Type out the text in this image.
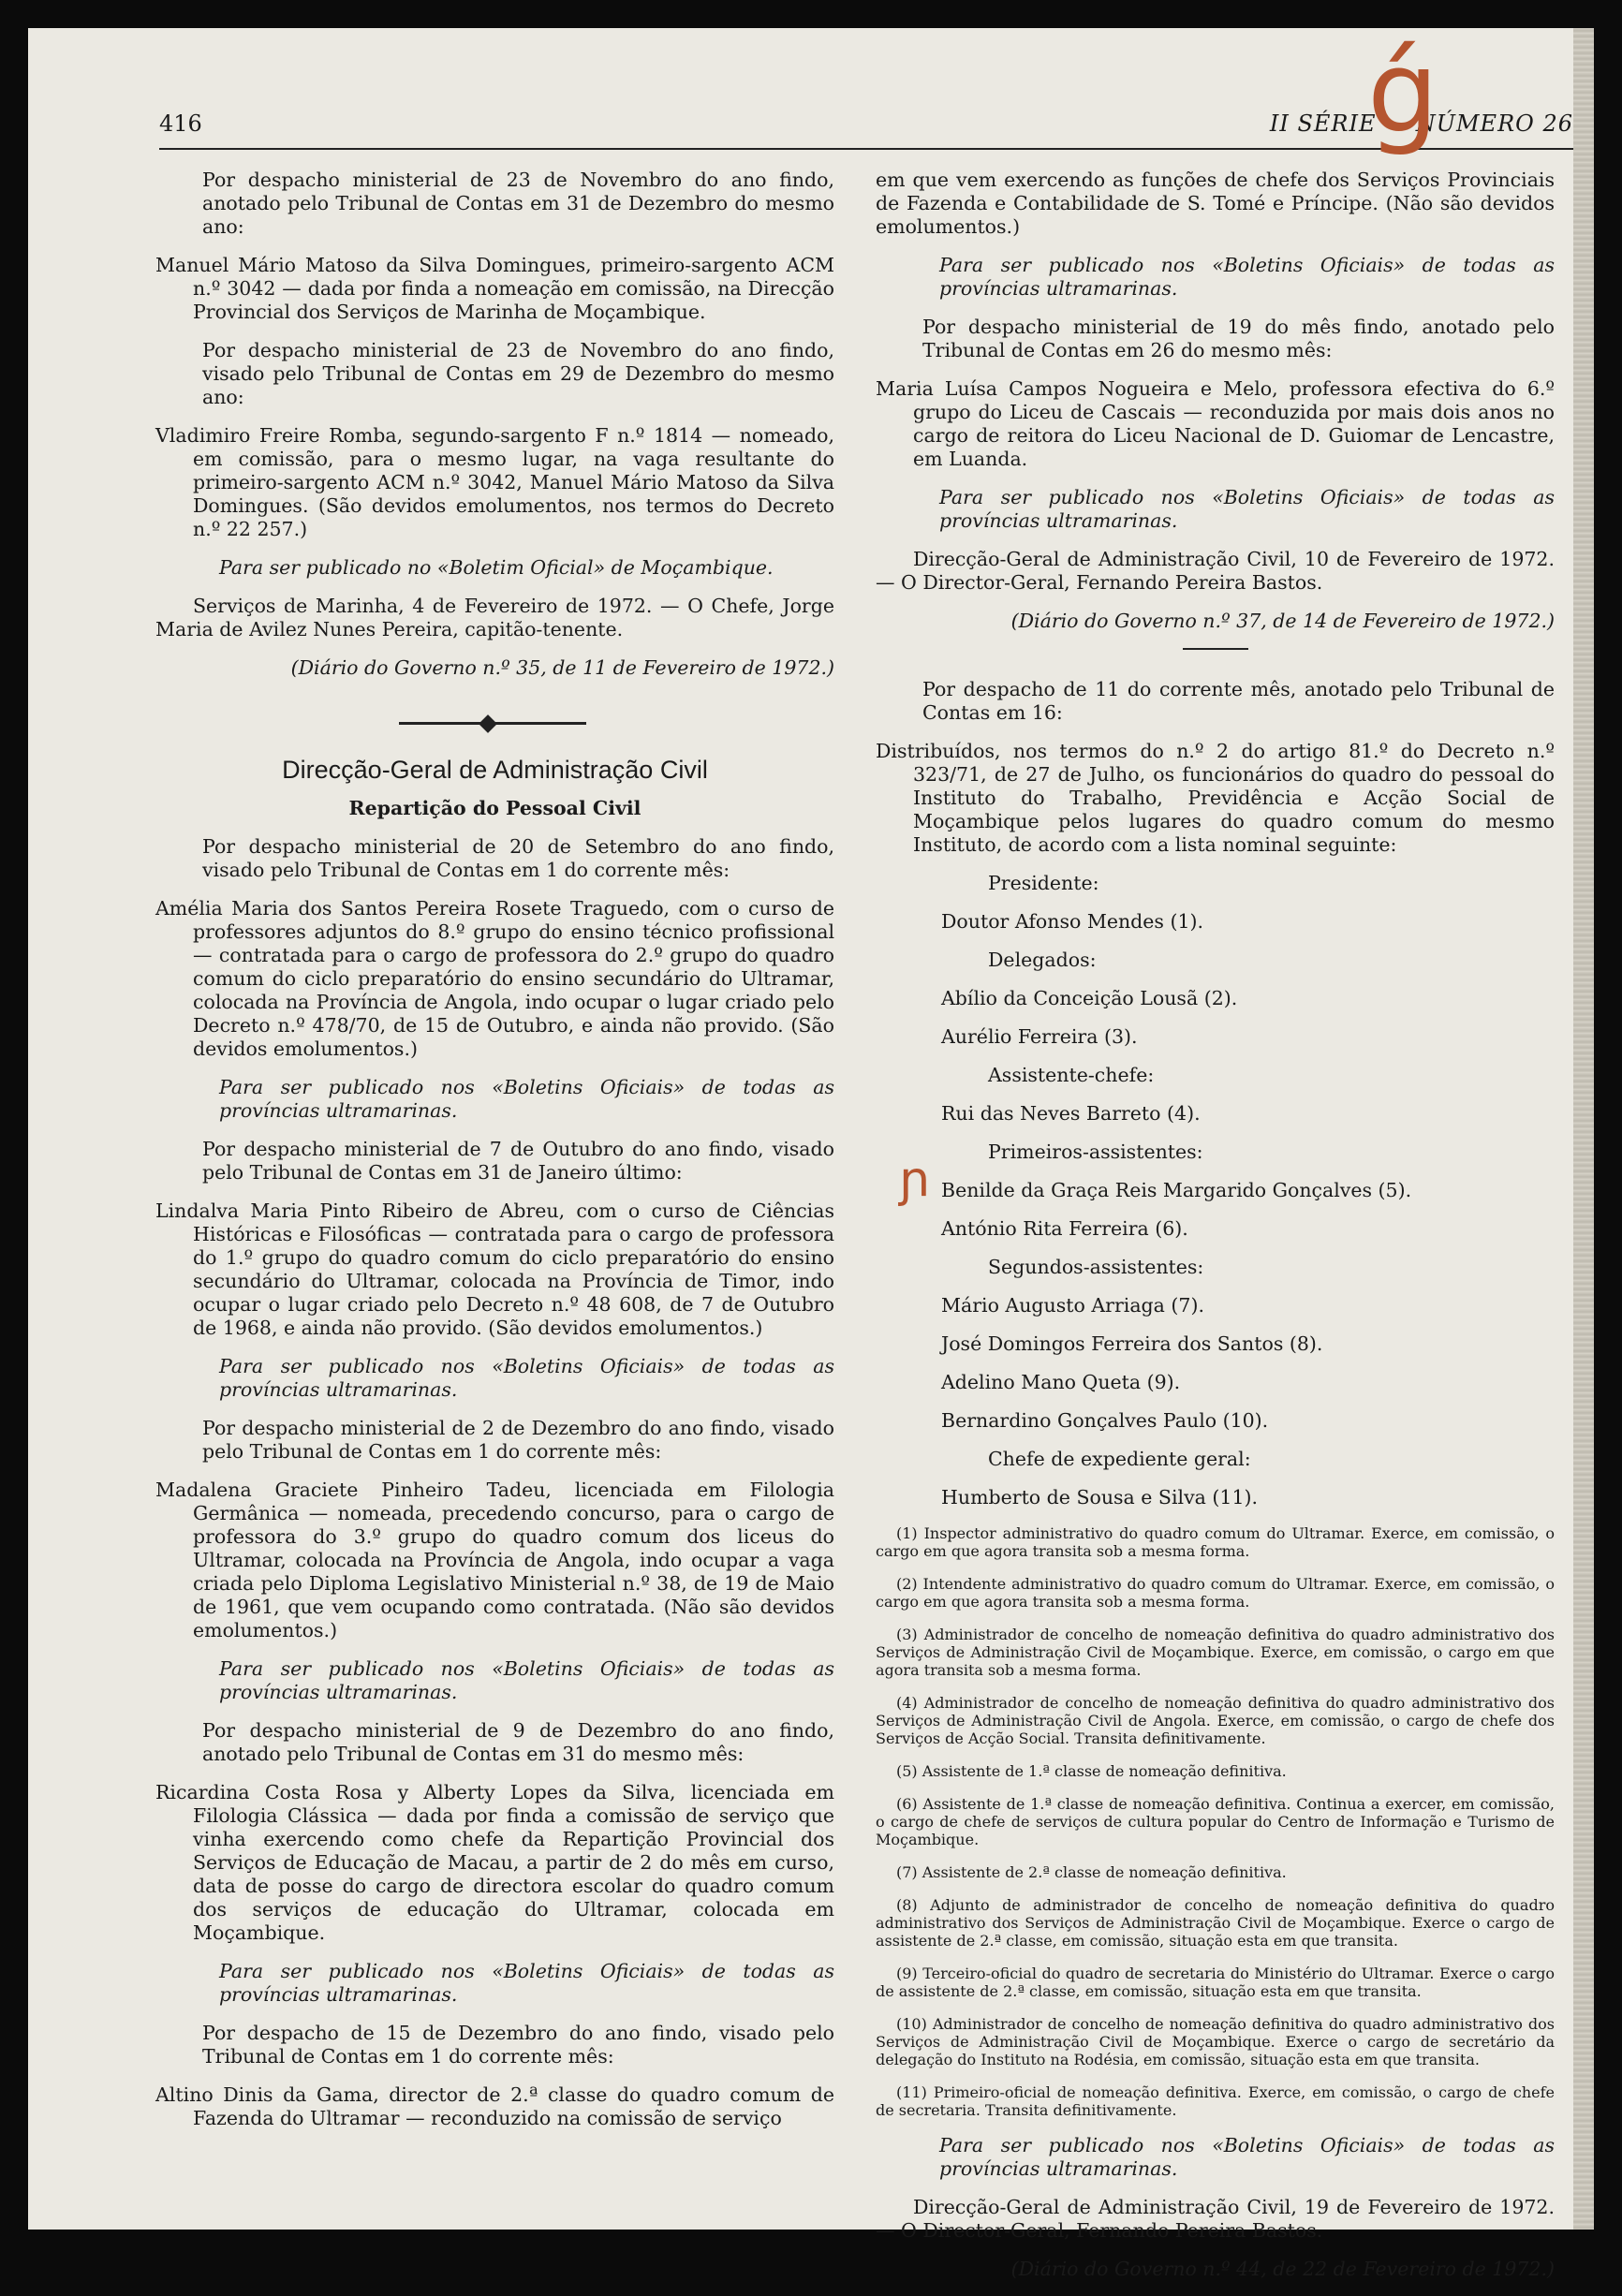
416	II SÉRIE — NÚMERO 26
ǵ
ɲ

Por despacho ministerial de 23 de Novembro do ano findo, anotado pelo Tribunal de Contas em 31 de Dezembro do mesmo ano:

Manuel Mário Matoso da Silva Domingues, primeiro-sargento ACM n.º 3042 — dada por finda a nomeação em comissão, na Direcção Provincial dos Serviços de Marinha de Moçambique.

Por despacho ministerial de 23 de Novembro do ano findo, visado pelo Tribunal de Contas em 29 de Dezembro do mesmo ano:

Vladimiro Freire Romba, segundo-sargento F n.º 1814 — nomeado, em comissão, para o mesmo lugar, na vaga resultante do primeiro-sargento ACM n.º 3042, Manuel Mário Matoso da Silva Domingues. (São devidos emolumentos, nos termos do Decreto n.º 22 257.)

Para ser publicado no «Boletim Oficial» de Moçambique.

Serviços de Marinha, 4 de Fevereiro de 1972. — O Chefe, Jorge Maria de Avilez Nunes Pereira, capitão-tenente.

(Diário do Governo n.º 35, de 11 de Fevereiro de 1972.)

Direcção-Geral de Administração Civil

Repartição do Pessoal Civil

Por despacho ministerial de 20 de Setembro do ano findo, visado pelo Tribunal de Contas em 1 do corrente mês:

Amélia Maria dos Santos Pereira Rosete Traguedo, com o curso de professores adjuntos do 8.º grupo do ensino técnico profissional — contratada para o cargo de professora do 2.º grupo do quadro comum do ciclo preparatório do ensino secundário do Ultramar, colocada na Província de Angola, indo ocupar o lugar criado pelo Decreto n.º 478/70, de 15 de Outubro, e ainda não provido. (São devidos emolumentos.)

Para ser publicado nos «Boletins Oficiais» de todas as províncias ultramarinas.

Por despacho ministerial de 7 de Outubro do ano findo, visado pelo Tribunal de Contas em 31 de Janeiro último:

Lindalva Maria Pinto Ribeiro de Abreu, com o curso de Ciências Históricas e Filosóficas — contratada para o cargo de professora do 1.º grupo do quadro comum do ciclo preparatório do ensino secundário do Ultramar, colocada na Província de Timor, indo ocupar o lugar criado pelo Decreto n.º 48 608, de 7 de Outubro de 1968, e ainda não provido. (São devidos emolumentos.)

Para ser publicado nos «Boletins Oficiais» de todas as províncias ultramarinas.

Por despacho ministerial de 2 de Dezembro do ano findo, visado pelo Tribunal de Contas em 1 do corrente mês:

Madalena Graciete Pinheiro Tadeu, licenciada em Filologia Germânica — nomeada, precedendo concurso, para o cargo de professora do 3.º grupo do quadro comum dos liceus do Ultramar, colocada na Província de Angola, indo ocupar a vaga criada pelo Diploma Legislativo Ministerial n.º 38, de 19 de Maio de 1961, que vem ocupando como contratada. (Não são devidos emolumentos.)

Para ser publicado nos «Boletins Oficiais» de todas as províncias ultramarinas.

Por despacho ministerial de 9 de Dezembro do ano findo, anotado pelo Tribunal de Contas em 31 do mesmo mês:

Ricardina Costa Rosa y Alberty Lopes da Silva, licenciada em Filologia Clássica — dada por finda a comissão de serviço que vinha exercendo como chefe da Repartição Provincial dos Serviços de Educação de Macau, a partir de 2 do mês em curso, data de posse do cargo de directora escolar do quadro comum dos serviços de educação do Ultramar, colocada em Moçambique.

Para ser publicado nos «Boletins Oficiais» de todas as províncias ultramarinas.

Por despacho de 15 de Dezembro do ano findo, visado pelo Tribunal de Contas em 1 do corrente mês:

Altino Dinis da Gama, director de 2.ª classe do quadro comum de Fazenda do Ultramar — reconduzido na comissão de serviço

em que vem exercendo as funções de chefe dos Serviços Provinciais de Fazenda e Contabilidade de S. Tomé e Príncipe. (Não são devidos emolumentos.)

Para ser publicado nos «Boletins Oficiais» de todas as províncias ultramarinas.

Por despacho ministerial de 19 do mês findo, anotado pelo Tribunal de Contas em 26 do mesmo mês:

Maria Luísa Campos Nogueira e Melo, professora efectiva do 6.º grupo do Liceu de Cascais — reconduzida por mais dois anos no cargo de reitora do Liceu Nacional de D. Guiomar de Lencastre, em Luanda.

Para ser publicado nos «Boletins Oficiais» de todas as províncias ultramarinas.

Direcção-Geral de Administração Civil, 10 de Fevereiro de 1972. — O Director-Geral, Fernando Pereira Bastos.

(Diário do Governo n.º 37, de 14 de Fevereiro de 1972.)

Por despacho de 11 do corrente mês, anotado pelo Tribunal de Contas em 16:

Distribuídos, nos termos do n.º 2 do artigo 81.º do Decreto n.º 323/71, de 27 de Julho, os funcionários do quadro do pessoal do Instituto do Trabalho, Previdência e Acção Social de Moçambique pelos lugares do quadro comum do mesmo Instituto, de acordo com a lista nominal seguinte:

Presidente:

Doutor Afonso Mendes (1).

Delegados:

Abílio da Conceição Lousã (2).

Aurélio Ferreira (3).

Assistente-chefe:

Rui das Neves Barreto (4).

Primeiros-assistentes:

Benilde da Graça Reis Margarido Gonçalves (5).

António Rita Ferreira (6).

Segundos-assistentes:

Mário Augusto Arriaga (7).

José Domingos Ferreira dos Santos (8).

Adelino Mano Queta (9).

Bernardino Gonçalves Paulo (10).

Chefe de expediente geral:

Humberto de Sousa e Silva (11).

(1) Inspector administrativo do quadro comum do Ultramar. Exerce, em comissão, o cargo em que agora transita sob a mesma forma.

(2) Intendente administrativo do quadro comum do Ultramar. Exerce, em comissão, o cargo em que agora transita sob a mesma forma.

(3) Administrador de concelho de nomeação definitiva do quadro administrativo dos Serviços de Administração Civil de Moçambique. Exerce, em comissão, o cargo em que agora transita sob a mesma forma.

(4) Administrador de concelho de nomeação definitiva do quadro administrativo dos Serviços de Administração Civil de Angola. Exerce, em comissão, o cargo de chefe dos Serviços de Acção Social. Transita definitivamente.

(5) Assistente de 1.ª classe de nomeação definitiva.

(6) Assistente de 1.ª classe de nomeação definitiva. Continua a exercer, em comissão, o cargo de chefe de serviços de cultura popular do Centro de Informação e Turismo de Moçambique.

(7) Assistente de 2.ª classe de nomeação definitiva.

(8) Adjunto de administrador de concelho de nomeação definitiva do quadro administrativo dos Serviços de Administração Civil de Moçambique. Exerce o cargo de assistente de 2.ª classe, em comissão, situação esta em que transita.

(9) Terceiro-oficial do quadro de secretaria do Ministério do Ultramar. Exerce o cargo de assistente de 2.ª classe, em comissão, situação esta em que transita.

(10) Administrador de concelho de nomeação definitiva do quadro administrativo dos Serviços de Administração Civil de Moçambique. Exerce o cargo de secretário da delegação do Instituto na Rodésia, em comissão, situação esta em que transita.

(11) Primeiro-oficial de nomeação definitiva. Exerce, em comissão, o cargo de chefe de secretaria. Transita definitivamente.

Para ser publicado nos «Boletins Oficiais» de todas as províncias ultramarinas.

Direcção-Geral de Administração Civil, 19 de Fevereiro de 1972. — O Director-Geral, Fernando Pereira Bastos.

(Diário do Governo n.º 44, de 22 de Fevereiro de 1972.)
